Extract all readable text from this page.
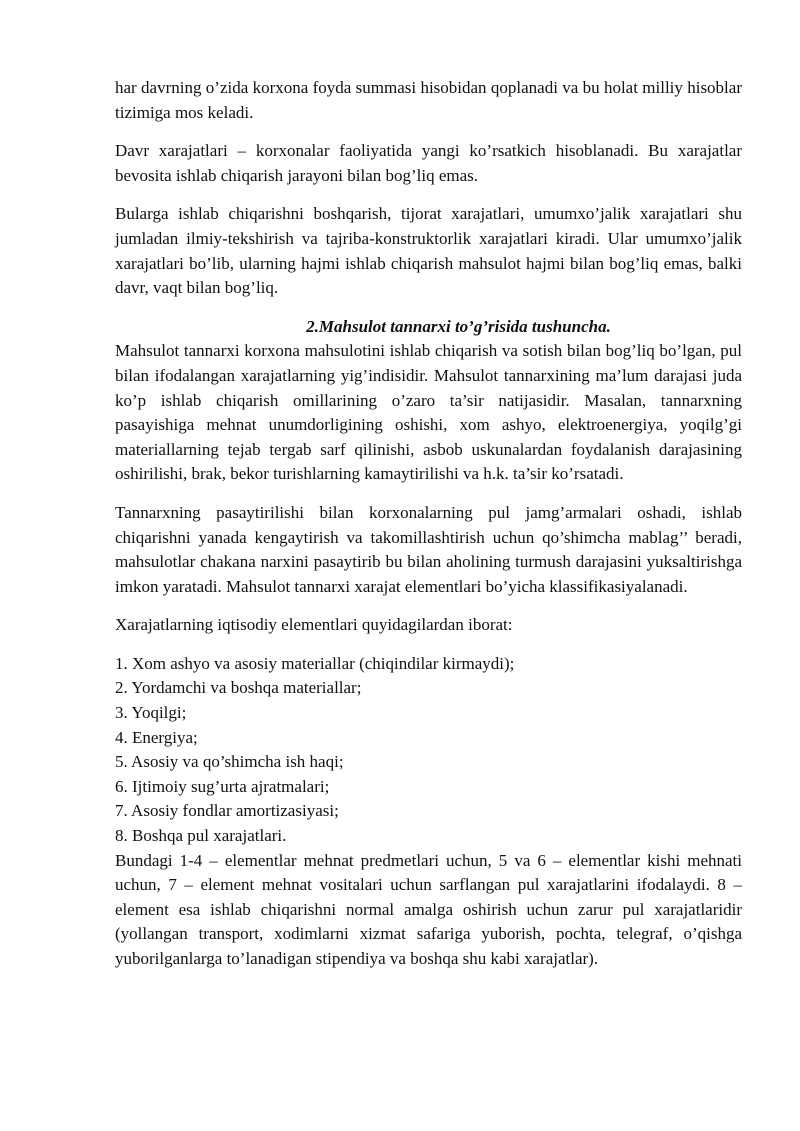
har davrning o’zida korxona foyda summasi hisobidan qoplanadi va bu holat milliy hisoblar tizimiga mos keladi.

Davr xarajatlari – korxonalar faoliyatida yangi ko’rsatkich hisoblanadi. Bu xarajatlar bevosita ishlab chiqarish jarayoni bilan bog’liq emas.

Bularga ishlab chiqarishni boshqarish, tijorat xarajatlari, umumxo’jalik xarajatlari shu jumladan ilmiy-tekshirish va tajriba-konstruktorlik xarajatlari kiradi. Ular umumxo’jalik xarajatlari bo’lib, ularning hajmi ishlab chiqarish mahsulot hajmi bilan bog’liq emas, balki davr, vaqt bilan bog’liq.

2.Mahsulot tannarxi to’g’risida tushuncha.

Mahsulot tannarxi korxona mahsulotini ishlab chiqarish va sotish bilan bog’liq bo’lgan, pul bilan ifodalangan xarajatlarning yig’indisidir. Mahsulot tannarxining ma’lum darajasi juda ko’p ishlab chiqarish omillarining o’zaro ta’sir natijasidir. Masalan, tannarxning pasayishiga mehnat unumdorligining oshishi, xom ashyo, elektroenergiya, yoqilg’gi materiallarning tejab tergab sarf qilinishi, asbob uskunalardan foydalanish darajasining oshirilishi, brak, bekor turishlarning kamaytirilishi va h.k. ta’sir ko’rsatadi.

Tannarxning pasaytirilishi bilan korxonalarning pul jamg’armalari oshadi, ishlab chiqarishni yanada kengaytirish va takomillashtirish uchun qo’shimcha mablag’’ beradi, mahsulotlar chakana narxini pasaytirib bu bilan aholining turmush darajasini yuksaltirishga imkon yaratadi. Mahsulot tannarxi xarajat elementlari bo’yicha klassifikasiyalanadi.

Xarajatlarning iqtisodiy elementlari quyidagilardan iborat:

1. Xom ashyo va asosiy materiallar (chiqindilar kirmaydi);
2. Yordamchi va boshqa materiallar;
3. Yoqilgi;
4. Energiya;
5. Asosiy va qo’shimcha ish haqi;
6. Ijtimoiy sug’urta ajratmalari;
7. Asosiy fondlar amortizasiyasi;
8. Boshqa pul xarajatlari.

Bundagi 1-4 – elementlar mehnat predmetlari uchun, 5 va 6 – elementlar kishi mehnati uchun, 7 – element mehnat vositalari uchun sarflangan pul xarajatlarini ifodalaydi. 8 – element esa ishlab chiqarishni normal amalga oshirish uchun zarur pul xarajatlaridir (yollangan transport, xodimlarni xizmat safariga yuborish, pochta, telegraf, o’qishga yuborilganlarga to’lanadigan stipendiya va boshqa shu kabi xarajatlar).
